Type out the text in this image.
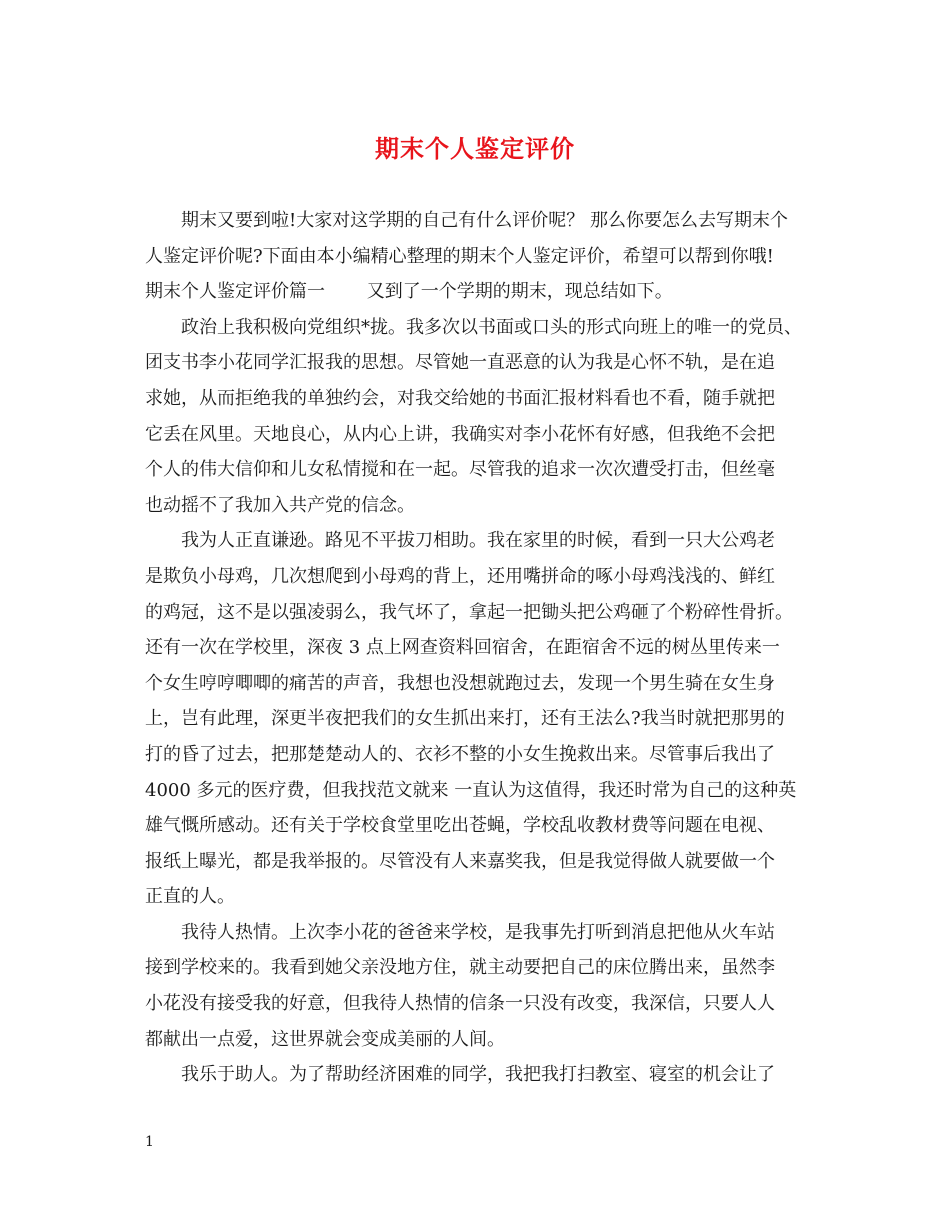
期末个人鉴定评价
期末又要到啦!大家对这学期的自己有什么评价呢？ 那么你要怎么去写期末个
人鉴定评价呢?下面由本小编精心整理的期末个人鉴定评价，希望可以帮到你哦!
期末个人鉴定评价篇一　　 又到了一个学期的期末，现总结如下。
政治上我积极向党组织*拢。我多次以书面或口头的形式向班上的唯一的党员、
团支书李小花同学汇报我的思想。尽管她一直恶意的认为我是心怀不轨，是在追
求她，从而拒绝我的单独约会，对我交给她的书面汇报材料看也不看，随手就把
它丢在风里。天地良心，从内心上讲，我确实对李小花怀有好感，但我绝不会把
个人的伟大信仰和儿女私情搅和在一起。尽管我的追求一次次遭受打击，但丝毫
也动摇不了我加入共产党的信念。
我为人正直谦逊。路见不平拔刀相助。我在家里的时候，看到一只大公鸡老
是欺负小母鸡，几次想爬到小母鸡的背上，还用嘴拼命的啄小母鸡浅浅的、鲜红
的鸡冠，这不是以强凌弱么，我气坏了，拿起一把锄头把公鸡砸了个粉碎性骨折。
还有一次在学校里，深夜 3 点上网查资料回宿舍，在距宿舍不远的树丛里传来一
个女生哼哼唧唧的痛苦的声音，我想也没想就跑过去，发现一个男生骑在女生身
上，岂有此理，深更半夜把我们的女生抓出来打，还有王法么?我当时就把那男的
打的昏了过去，把那楚楚动人的、衣衫不整的小女生挽救出来。尽管事后我出了
4000 多元的医疗费，但我找范文就来 一直认为这值得，我还时常为自己的这种英
雄气慨所感动。还有关于学校食堂里吃出苍蝇，学校乱收教材费等问题在电视、
报纸上曝光，都是我举报的。尽管没有人来嘉奖我，但是我觉得做人就要做一个
正直的人。
我待人热情。上次李小花的爸爸来学校，是我事先打听到消息把他从火车站
接到学校来的。我看到她父亲没地方住，就主动要把自己的床位腾出来，虽然李
小花没有接受我的好意，但我待人热情的信条一只没有改变，我深信，只要人人
都献出一点爱，这世界就会变成美丽的人间。
我乐于助人。为了帮助经济困难的同学，我把我打扫教室、寝室的机会让了
1
